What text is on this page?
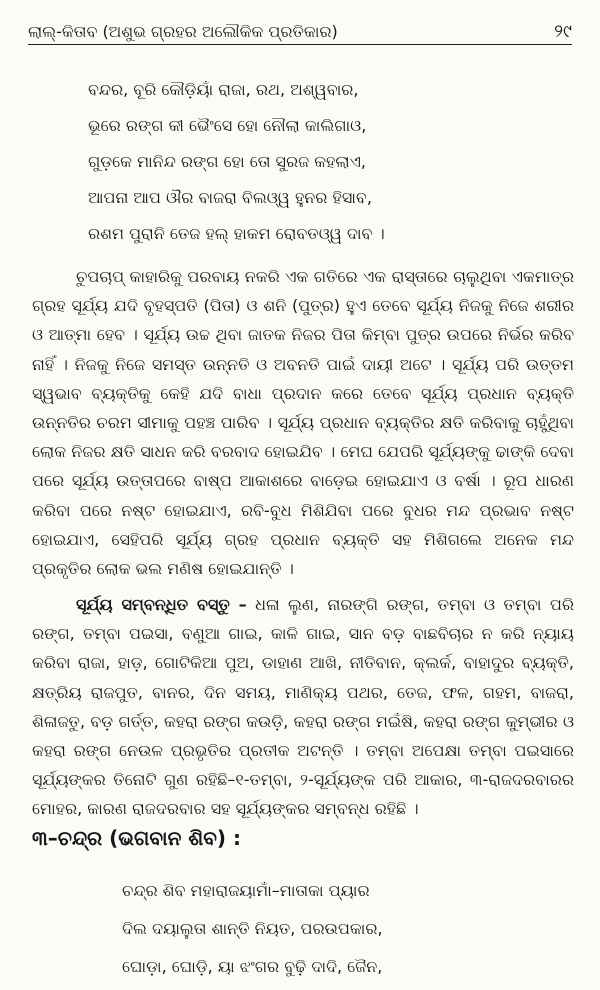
ଲାଲ୍-କିତାବ (ଅଶୁଭ ଗ୍ରହର ଅଲୌକିକ ପ୍ରତିକାର)	୨୯
ବନ୍ଦର, ବୂରି କୌଡ଼ିୟାଁ ରାଜା, ରଥ, ଅଶ୍ୱବାର,
ଭୂରେ ରଙ୍ଗ କୀ ଭୈଂସେ ହୋ ନୌଲା କାଲିଗାଓ,
ଗୁଡ଼କେ ମାନିନ୍ଦ ରଙ୍ଗ ହୋ ତୋ ସୁରଜ କହଲାଏ,
ଆପନା ଆପ ଔର ବାଜରା ବିଲଓ୍ୱ ହୁନର ହିସାବ,
ରଶମ ପୁରାନି ତେଜ ହଲ୍ ହାକମ ରୋବତଓ୍ୱ ଦାବ ।

ଚୁପଚାପ୍ କାହାରିକୁ ପରବାୟ ନକରି ଏକ ଗତିରେ ଏକ ରାସ୍ତାରେ ଚାଲୁଥିବା ଏକମାତ୍ର ଗ୍ରହ ସୂର୍ଯ୍ୟ ଯଦି ବୃହସ୍ପତି (ପିତା) ଓ ଶନି (ପୁତ୍ର) ହୁଏ ତେବେ ସୂର୍ଯ୍ୟ ନିଜକୁ ନିଜେ ଶରୀର ଓ ଆତ୍ମା ହେବ । ସୂର୍ଯ୍ୟ ଉଚ୍ଚ ଥିବା ଜାତକ ନିଜର ପିତା କିମ୍ବା ପୁତ୍ର ଉପରେ ନିର୍ଭର କରିବ ନାହିଁ । ନିଜକୁ ନିଜେ ସମସ୍ତ ଉନ୍ନତି ଓ ଅବନତି ପାଇଁ ଦାୟୀ ଅଟେ । ସୂର୍ଯ୍ୟ ପରି ଉତ୍ତମ ସ୍ୱଭାବ ବ୍ୟକ୍ତିକୁ କେହି ଯଦି ବାଧା ପ୍ରଦାନ କରେ ତେବେ ସୂର୍ଯ୍ୟ ପ୍ରଧାନ ବ୍ୟକ୍ତି ଉନ୍ନତିର ଚରମ ସୀମାକୁ ପହଞ୍ଚ ପାରିବ । ସୂର୍ଯ୍ୟ ପ୍ରଧାନ ବ୍ୟକ୍ତିର କ୍ଷତି କରିବାକୁ ଚାହୁଁଥିବା ଲୋକ ନିଜର କ୍ଷତି ସାଧନ କରି ବରବାଦ ହୋଇଯିବ । ମେଘ ଯେପରି ସୂର୍ଯ୍ୟଙ୍କୁ ଢାଙ୍କି ଦେବା ପରେ ସୂର୍ଯ୍ୟ ଉତ୍ତାପରେ ବାଷ୍ପ ଆକାଶରେ ବାଡ଼େଇ ହୋଇଯାଏ ଓ ବର୍ଷା । ରୂପ ଧାରଣ କରିବା ପରେ ନଷ୍ଟ ହୋଇଯାଏ, ରବି-ବୁଧ ମିଶିଯିବା ପରେ ବୁଧର ମନ୍ଦ ପ୍ରଭାବ ନଷ୍ଟ ହୋଇଯାଏ, ସେହିପରି ସୂର୍ଯ୍ୟ ଗ୍ରହ ପ୍ରଧାନ ବ୍ୟକ୍ତି ସହ ମିଶିଗଲେ ଅନେକ ମନ୍ଦ ପ୍ରକୃତିର ଲୋକ ଭଲ ମଣିଷ ହୋଇଯାନ୍ତି ।

ସୂର୍ଯ୍ୟ ସମ୍ବନ୍ଧିତ ବସ୍ତୁ – ଧଳା ଲୁଣ, ନାରଙ୍ଗି ରଙ୍ଗ, ତମ୍ବା ଓ ତମ୍ବା ପରି ରଙ୍ଗ, ତମ୍ବା ପଇସା, ବଣୁଆ ଗାଇ, କାଳି ଗାଇ, ସାନ ବଡ଼ ବାଛବିଚାର ନ କରି ନ୍ୟାୟ କରିବା ରାଜା, ହାଡ଼, ଗୋଟିକିଆ ପୁଅ, ଡାହାଣ ଆଖି, ନୀତିବାନ, କ୍ଲର୍କ, ବାହାଦୁର ବ୍ୟକ୍ତି, କ୍ଷତ୍ରିୟ ରାଜପୁତ, ବାନର, ଦିନ ସମୟ, ମାଣିକ୍ୟ ପଥର, ତେଜ, ଫଳ, ଗହମ, ବାଜରା, ଶିଳାଜତୁ, ବଡ଼ ଗର୍ତ୍ତ, କହରା ରଙ୍ଗ କଉଡ଼ି, କହରା ରଙ୍ଗ ମଇଁଷି, କହରା ରଙ୍ଗ କୁମ୍ଭୀର ଓ କହରା ରଙ୍ଗ ନେଉଳ ପ୍ରଭୃତିର ପ୍ରତୀକ ଅଟନ୍ତି । ତମ୍ବା ଅପେକ୍ଷା ତମ୍ବା ପଇସାରେ ସୂର୍ଯ୍ୟଙ୍କର ତିନୋଟି ଗୁଣ ରହିଛି–୧-ତମ୍ବା, ୨-ସୂର୍ଯ୍ୟଙ୍କ ପରି ଆକାର, ୩-ରାଜଦରବାରର ମୋହର, କାରଣ ରାଜଦରବାର ସହ ସୂର୍ଯ୍ୟଙ୍କର ସମ୍ବନ୍ଧ ରହିଛି ।

୩–ଚନ୍ଦ୍ର (ଭଗବାନ ଶିବ) :
ଚନ୍ଦ୍ର ଶିବ ମହାରାଜୟାମାଁ–ମାତାକା ପ୍ୟାର
ଦିଲ ଦୟାଲୁତା ଶାନ୍ତି ନିୟତ, ପରଉପକାର,
ଘୋଡ଼ା, ଘୋଡ଼ି, ୟା ଝଂଗର ବୁଢ଼ି ଦାଦି, ଜୈନ,
